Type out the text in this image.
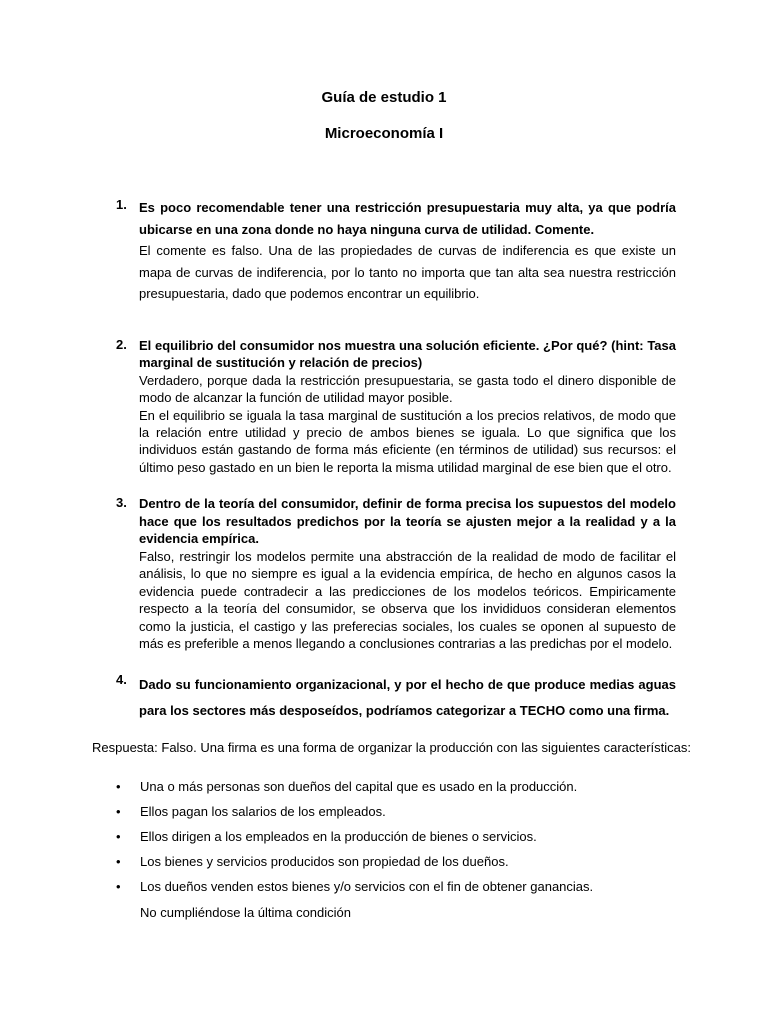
Guía de estudio 1
Microeconomía I
1. Es poco recomendable tener una restricción presupuestaria muy alta, ya que podría ubicarse en una zona donde no haya ninguna curva de utilidad. Comente.

El comente es falso. Una de las propiedades de curvas de indiferencia es que existe un mapa de curvas de indiferencia, por lo tanto no importa que tan alta sea nuestra restricción presupuestaria, dado que podemos encontrar un equilibrio.

2. El equilibrio del consumidor nos muestra una solución eficiente. ¿Por qué? (hint: Tasa marginal de sustitución y relación de precios)

Verdadero, porque dada la restricción presupuestaria, se gasta todo el dinero disponible de modo de alcanzar la función de utilidad mayor posible.

En el equilibrio se iguala la tasa marginal de sustitución a los precios relativos, de modo que la relación entre utilidad y precio de ambos bienes se iguala. Lo que significa que los individuos están gastando de forma más eficiente (en términos de utilidad) sus recursos: el último peso gastado en un bien le reporta la misma utilidad marginal de ese bien que el otro.

3. Dentro de la teoría del consumidor, definir de forma precisa los supuestos del modelo hace que los resultados predichos por la teoría se ajusten mejor a la realidad y a la evidencia empírica.

Falso, restringir los modelos permite una abstracción de la realidad de modo de facilitar el análisis, lo que no siempre es igual a la evidencia empírica, de hecho en algunos casos la evidencia puede contradecir a las predicciones de los modelos teóricos. Empiricamente respecto a la teoría del consumidor, se observa que los invididuos consideran elementos como la justicia, el castigo y las preferecias sociales, los cuales se oponen al supuesto de más es preferible a menos llegando a conclusiones contrarias a las predichas por el modelo.

4. Dado su funcionamiento organizacional, y por el hecho de que produce medias aguas para los sectores más desposeídos, podríamos categorizar a TECHO como una firma.

Respuesta: Falso. Una firma es una forma de organizar la producción con las siguientes características:

• Una o más personas son dueños del capital que es usado en la producción.
• Ellos pagan los salarios de los empleados.
• Ellos dirigen a los empleados en la producción de bienes o servicios.
• Los bienes y servicios producidos son propiedad de los dueños.
• Los dueños venden estos bienes y/o servicios con el fin de obtener ganancias.

No cumpliéndose la última condición
